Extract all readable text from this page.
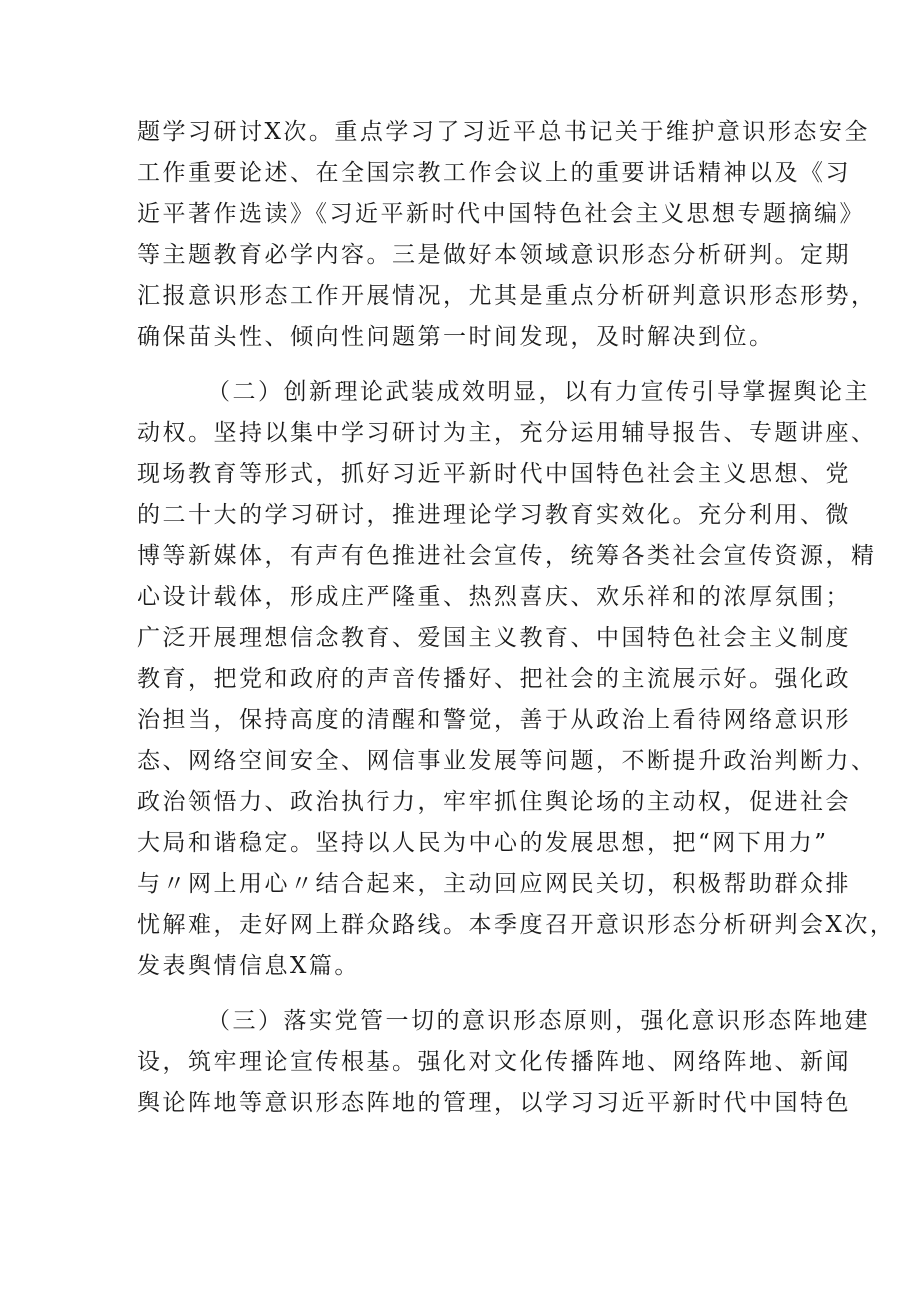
题学习研讨X次。重点学习了习近平总书记关于维护意识形态安全
工作重要论述、在全国宗教工作会议上的重要讲话精神以及《习
近平著作选读》《习近平新时代中国特色社会主义思想专题摘编》
等主题教育必学内容。三是做好本领域意识形态分析研判。定期
汇报意识形态工作开展情况，尤其是重点分析研判意识形态形势，
确保苗头性、倾向性问题第一时间发现，及时解决到位。
（二）创新理论武装成效明显，以有力宣传引导掌握舆论主
动权。坚持以集中学习研讨为主，充分运用辅导报告、专题讲座、
现场教育等形式，抓好习近平新时代中国特色社会主义思想、党
的二十大的学习研讨，推进理论学习教育实效化。充分利用、微
博等新媒体，有声有色推进社会宣传，统筹各类社会宣传资源，精
心设计载体，形成庄严隆重、热烈喜庆、欢乐祥和的浓厚氛围；
广泛开展理想信念教育、爱国主义教育、中国特色社会主义制度
教育，把党和政府的声音传播好、把社会的主流展示好。强化政
治担当，保持高度的清醒和警觉，善于从政治上看待网络意识形
态、网络空间安全、网信事业发展等问题，不断提升政治判断力、
政治领悟力、政治执行力，牢牢抓住舆论场的主动权，促进社会
大局和谐稳定。坚持以人民为中心的发展思想，把“网下用力”
与〃网上用心〃结合起来，主动回应网民关切，积极帮助群众排
忧解难，走好网上群众路线。本季度召开意识形态分析研判会X次，
发表舆情信息X篇。
（三）落实党管一切的意识形态原则，强化意识形态阵地建
设，筑牢理论宣传根基。强化对文化传播阵地、网络阵地、新闻
舆论阵地等意识形态阵地的管理，以学习习近平新时代中国特色
